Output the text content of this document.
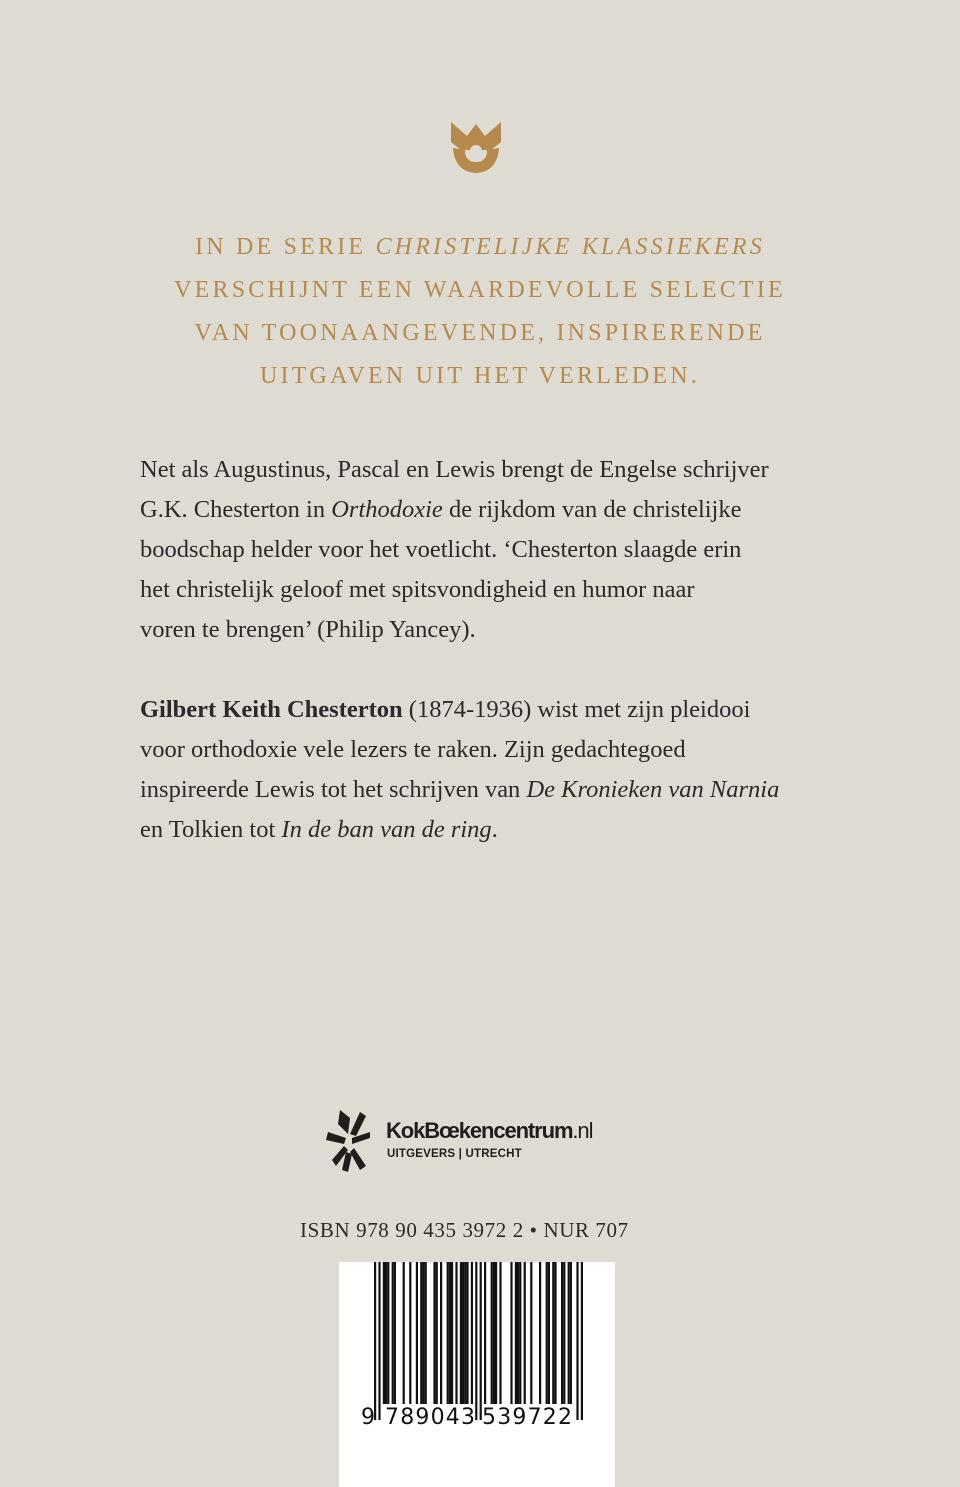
IN DE SERIE CHRISTELIJKE KLASSIEKERS
VERSCHIJNT EEN WAARDEVOLLE SELECTIE
VAN TOONAANGEVENDE, INSPIRERENDE
UITGAVEN UIT HET VERLEDEN.
Net als Augustinus, Pascal en Lewis brengt de Engelse schrijver
G.K. Chesterton in Orthodoxie de rijkdom van de christelijke
boodschap helder voor het voetlicht. ‘Chesterton slaagde erin
het christelijk geloof met spitsvondigheid en humor naar
voren te brengen’ (Philip Yancey).
Gilbert Keith Chesterton (1874-1936) wist met zijn pleidooi
voor orthodoxie vele lezers te raken. Zijn gedachtegoed
inspireerde Lewis tot het schrijven van De Kronieken van Narnia
en Tolkien tot In de ban van de ring.
KokBœkencentrum.nl
UITGEVERS | UTRECHT
ISBN 978 90 435 3972 2 • NUR 707
9 789043 539722
